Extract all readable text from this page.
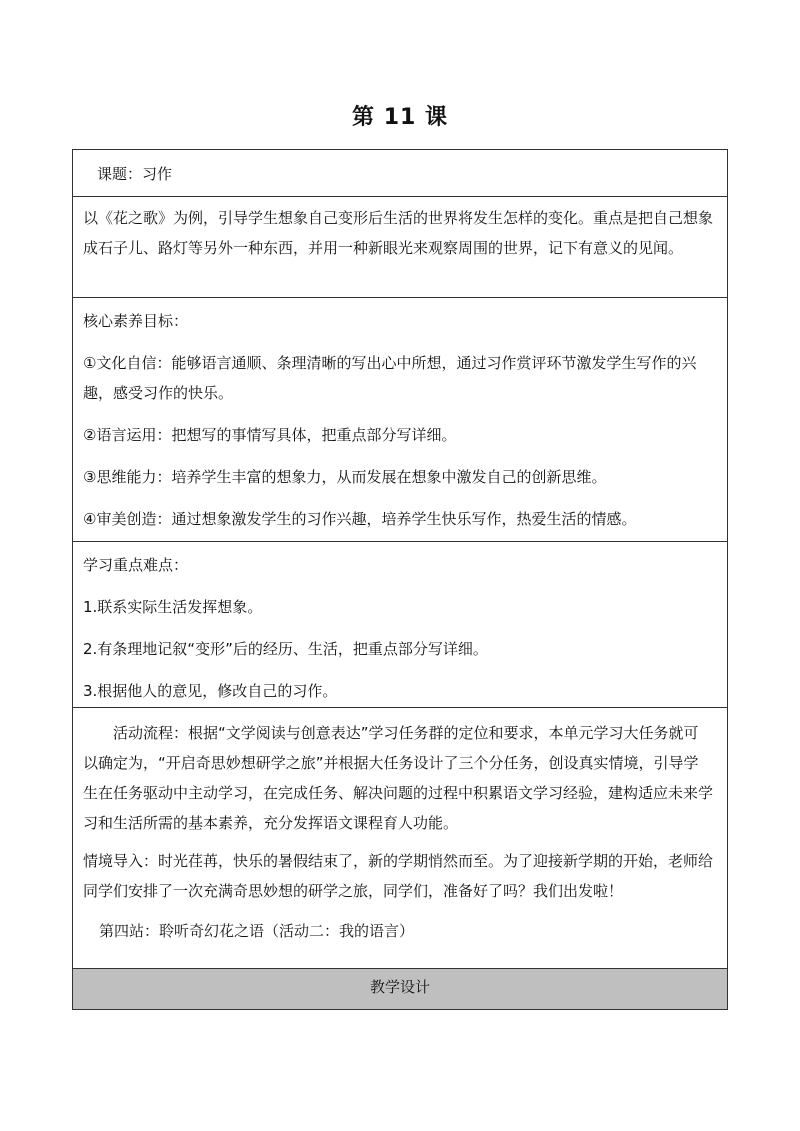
第 11 课

课题：习作

以《花之歌》为例，引导学生想象自己变形后生活的世界将发生怎样的变化。重点是把自己想象成石子儿、路灯等另外一种东西，并用一种新眼光来观察周围的世界，记下有意义的见闻。

核心素养目标：

①文化自信：能够语言通顺、条理清晰的写出心中所想，通过习作赏评环节激发学生写作的兴趣，感受习作的快乐。

②语言运用：把想写的事情写具体，把重点部分写详细。

③思维能力：培养学生丰富的想象力，从而发展在想象中激发自己的创新思维。

④审美创造：通过想象激发学生的习作兴趣，培养学生快乐写作，热爱生活的情感。

学习重点难点：

1.联系实际生活发挥想象。

2.有条理地记叙“变形”后的经历、生活，把重点部分写详细。

3.根据他人的意见，修改自己的习作。

活动流程：根据“文学阅读与创意表达”学习任务群的定位和要求，本单元学习大任务就可以确定为，“开启奇思妙想研学之旅”并根据大任务设计了三个分任务，创设真实情境，引导学生在任务驱动中主动学习，在完成任务、解决问题的过程中积累语文学习经验，建构适应未来学习和生活所需的基本素养，充分发挥语文课程育人功能。

情境导入：时光荏苒，快乐的暑假结束了，新的学期悄然而至。为了迎接新学期的开始，老师给同学们安排了一次充满奇思妙想的研学之旅，同学们，准备好了吗？我们出发啦！

第四站：聆听奇幻花之语（活动二：我的语言）

教学设计
